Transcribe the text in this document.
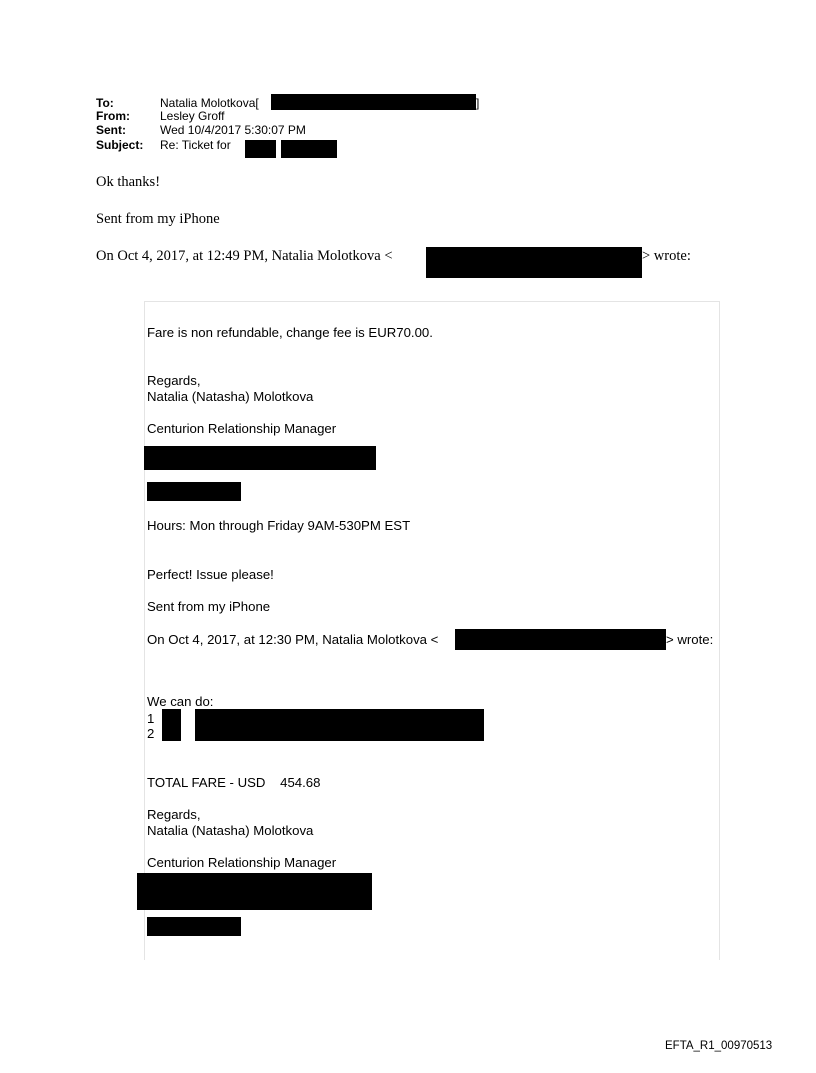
To:	Natalia Molotkova[	]
From:	Lesley Groff
Sent:	Wed 10/4/2017 5:30:07 PM
Subject: Re: Ticket for
Ok thanks!
Sent from my iPhone
On Oct 4, 2017, at 12:49 PM, Natalia Molotkova <	> wrote:
Fare is non refundable, change fee is EUR70.00.
Regards,
Natalia (Natasha) Molotkova
Centurion Relationship Manager
Hours: Mon through Friday 9AM-530PM EST
Perfect! Issue please!
Sent from my iPhone
On Oct 4, 2017, at 12:30 PM, Natalia Molotkova <	> wrote:
We can do:
1
2
TOTAL FARE - USD    454.68
Regards,
Natalia (Natasha) Molotkova
Centurion Relationship Manager
EFTA_R1_00970513
